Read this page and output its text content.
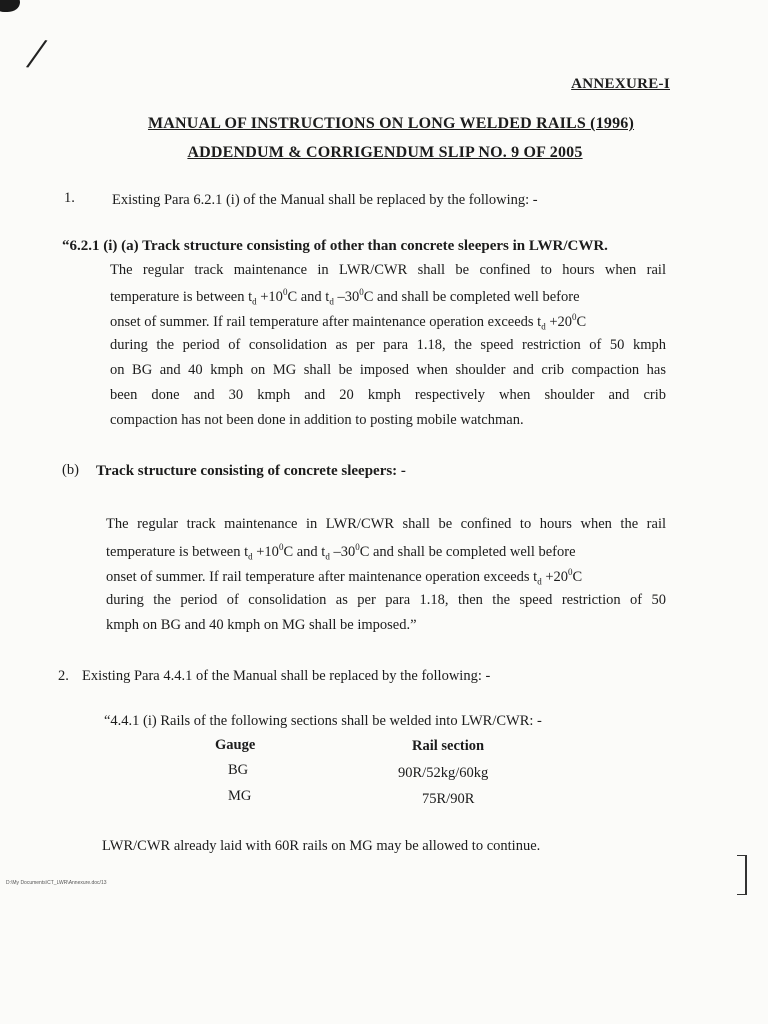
/
ANNEXURE-I
MANUAL OF INSTRUCTIONS ON LONG WELDED RAILS (1996)
ADDENDUM & CORRIGENDUM SLIP NO. 9 OF 2005
1.	Existing Para 6.2.1 (i) of the Manual shall be replaced by the following: -
“6.2.1 (i) (a) Track structure consisting of other than concrete sleepers in LWR/CWR.
The regular track maintenance in LWR/CWR shall be confined to hours when rail
temperature is between $t_d +10^0C$ and $t_d$ $-30^0C$ and shall be completed well before
onset of summer. If rail temperature after maintenance operation exceeds $t_d +20^0C$
during the period of consolidation as per para 1.18, the speed restriction of 50 kmph
on BG and 40 kmph on MG shall be imposed when shoulder and crib compaction has
been done and 30 kmph and 20 kmph respectively when shoulder and crib
compaction has not been done in addition to posting mobile watchman.
(b) Track structure consisting of concrete sleepers: -
The regular track maintenance in LWR/CWR shall be confined to hours when the rail
temperature is between $t_d +10^0C$ and $t_d$ $-30^0C$ and shall be completed well before
onset of summer. If rail temperature after maintenance operation exceeds $t_d +20^0C$
during the period of consolidation as per para 1.18, then the speed restriction of 50
kmph on BG and 40 kmph on MG shall be imposed.”
2. Existing Para 4.4.1 of the Manual shall be replaced by the following: -
“4.4.1 (i) Rails of the following sections shall be welded into LWR/CWR: -
Gauge	Rail section
BG	90R/52kg/60kg
MG	75R/90R
LWR/CWR already laid with 60R rails on MG may be allowed to continue.
D:\My Documents\CT_LWR\Annexure.doc/13
